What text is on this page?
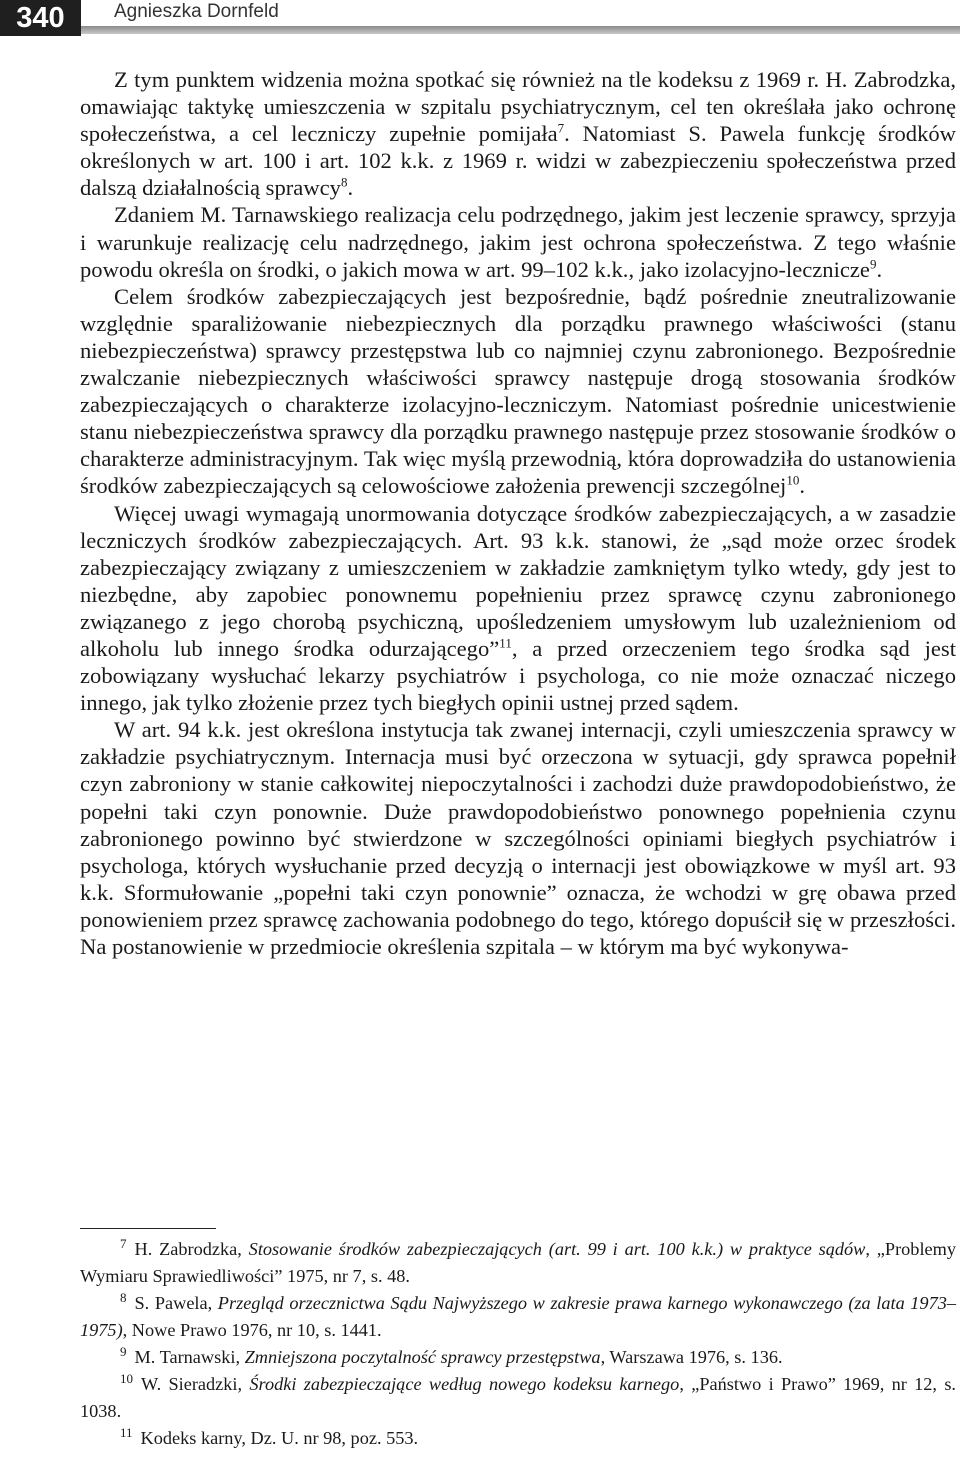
340	Agnieszka Dornfeld

Z tym punktem widzenia można spotkać się również na tle kodeksu z 1969 r. H. Zabrodzka, omawiając taktykę umieszczenia w szpitalu psychiatrycznym, cel ten określała jako ochronę społeczeństwa, a cel leczniczy zupełnie pomijała$^7$. Natomiast S. Pawela funkcję środków określonych w art. 100 i art. 102 k.k. z 1969 r. widzi w zabezpieczeniu społeczeństwa przed dalszą działalnością sprawcy$^8$.

Zdaniem M. Tarnawskiego realizacja celu podrzędnego, jakim jest leczenie sprawcy, sprzyja i warunkuje realizację celu nadrzędnego, jakim jest ochrona społeczeństwa. Z tego właśnie powodu określa on środki, o jakich mowa w art. 99–102 k.k., jako izolacyjno-lecznicze$^9$.

Celem środków zabezpieczających jest bezpośrednie, bądź pośrednie zneutralizowanie względnie sparaliżowanie niebezpiecznych dla porządku prawnego właściwości (stanu niebezpieczeństwa) sprawcy przestępstwa lub co najmniej czynu zabronionego. Bezpośrednie zwalczanie niebezpiecznych właściwości sprawcy następuje drogą stosowania środków zabezpieczających o charakterze izolacyjno-leczniczym. Natomiast pośrednie unicestwienie stanu niebezpieczeństwa sprawcy dla porządku prawnego następuje przez stosowanie środków o charakterze administracyjnym. Tak więc myślą przewodnią, która doprowadziła do ustanowienia środków zabezpieczających są celowościowe założenia prewencji szczególnej$^{10}$.

Więcej uwagi wymagają unormowania dotyczące środków zabezpieczających, a w zasadzie leczniczych środków zabezpieczających. Art. 93 k.k. stanowi, że „sąd może orzec środek zabezpieczający związany z umieszczeniem w zakładzie zamkniętym tylko wtedy, gdy jest to niezbędne, aby zapobiec ponownemu popełnieniu przez sprawcę czynu zabronionego związanego z jego chorobą psychiczną, upośledzeniem umysłowym lub uzależnieniom od alkoholu lub innego środka odurzającego”$^{11}$, a przed orzeczeniem tego środka sąd jest zobowiązany wysłuchać lekarzy psychiatrów i psychologa, co nie może oznaczać niczego innego, jak tylko złożenie przez tych biegłych opinii ustnej przed sądem.

W art. 94 k.k. jest określona instytucja tak zwanej internacji, czyli umieszczenia sprawcy w zakładzie psychiatrycznym. Internacja musi być orzeczona w sytuacji, gdy sprawca popełnił czyn zabroniony w stanie całkowitej niepoczytalności i zachodzi duże prawdopodobieństwo, że popełni taki czyn ponownie. Duże prawdopodobieństwo ponownego popełnienia czynu zabronionego powinno być stwierdzone w szczególności opiniami biegłych psychiatrów i psychologa, których wysłuchanie przed decyzją o internacji jest obowiązkowe w myśl art. 93 k.k. Sformułowanie „popełni taki czyn ponownie” oznacza, że wchodzi w grę obawa przed ponowieniem przez sprawcę zachowania podobnego do tego, którego dopuścił się w przeszłości. Na postanowienie w przedmiocie określenia szpitala – w którym ma być wykonywa-

$^7$ H. Zabrodzka, Stosowanie środków zabezpieczających (art. 99 i art. 100 k.k.) w praktyce sądów, „Problemy Wymiaru Sprawiedliwości” 1975, nr 7, s. 48.

$^8$ S. Pawela, Przegląd orzecznictwa Sądu Najwyższego w zakresie prawa karnego wykonawczego (za lata 1973–1975), Nowe Prawo 1976, nr 10, s. 1441.

$^9$ M. Tarnawski, Zmniejszona poczytalność sprawcy przestępstwa, Warszawa 1976, s. 136.

$^{10}$ W. Sieradzki, Środki zabezpieczające według nowego kodeksu karnego, „Państwo i Prawo” 1969, nr 12, s. 1038.

$^{11}$ Kodeks karny, Dz. U. nr 98, poz. 553.
